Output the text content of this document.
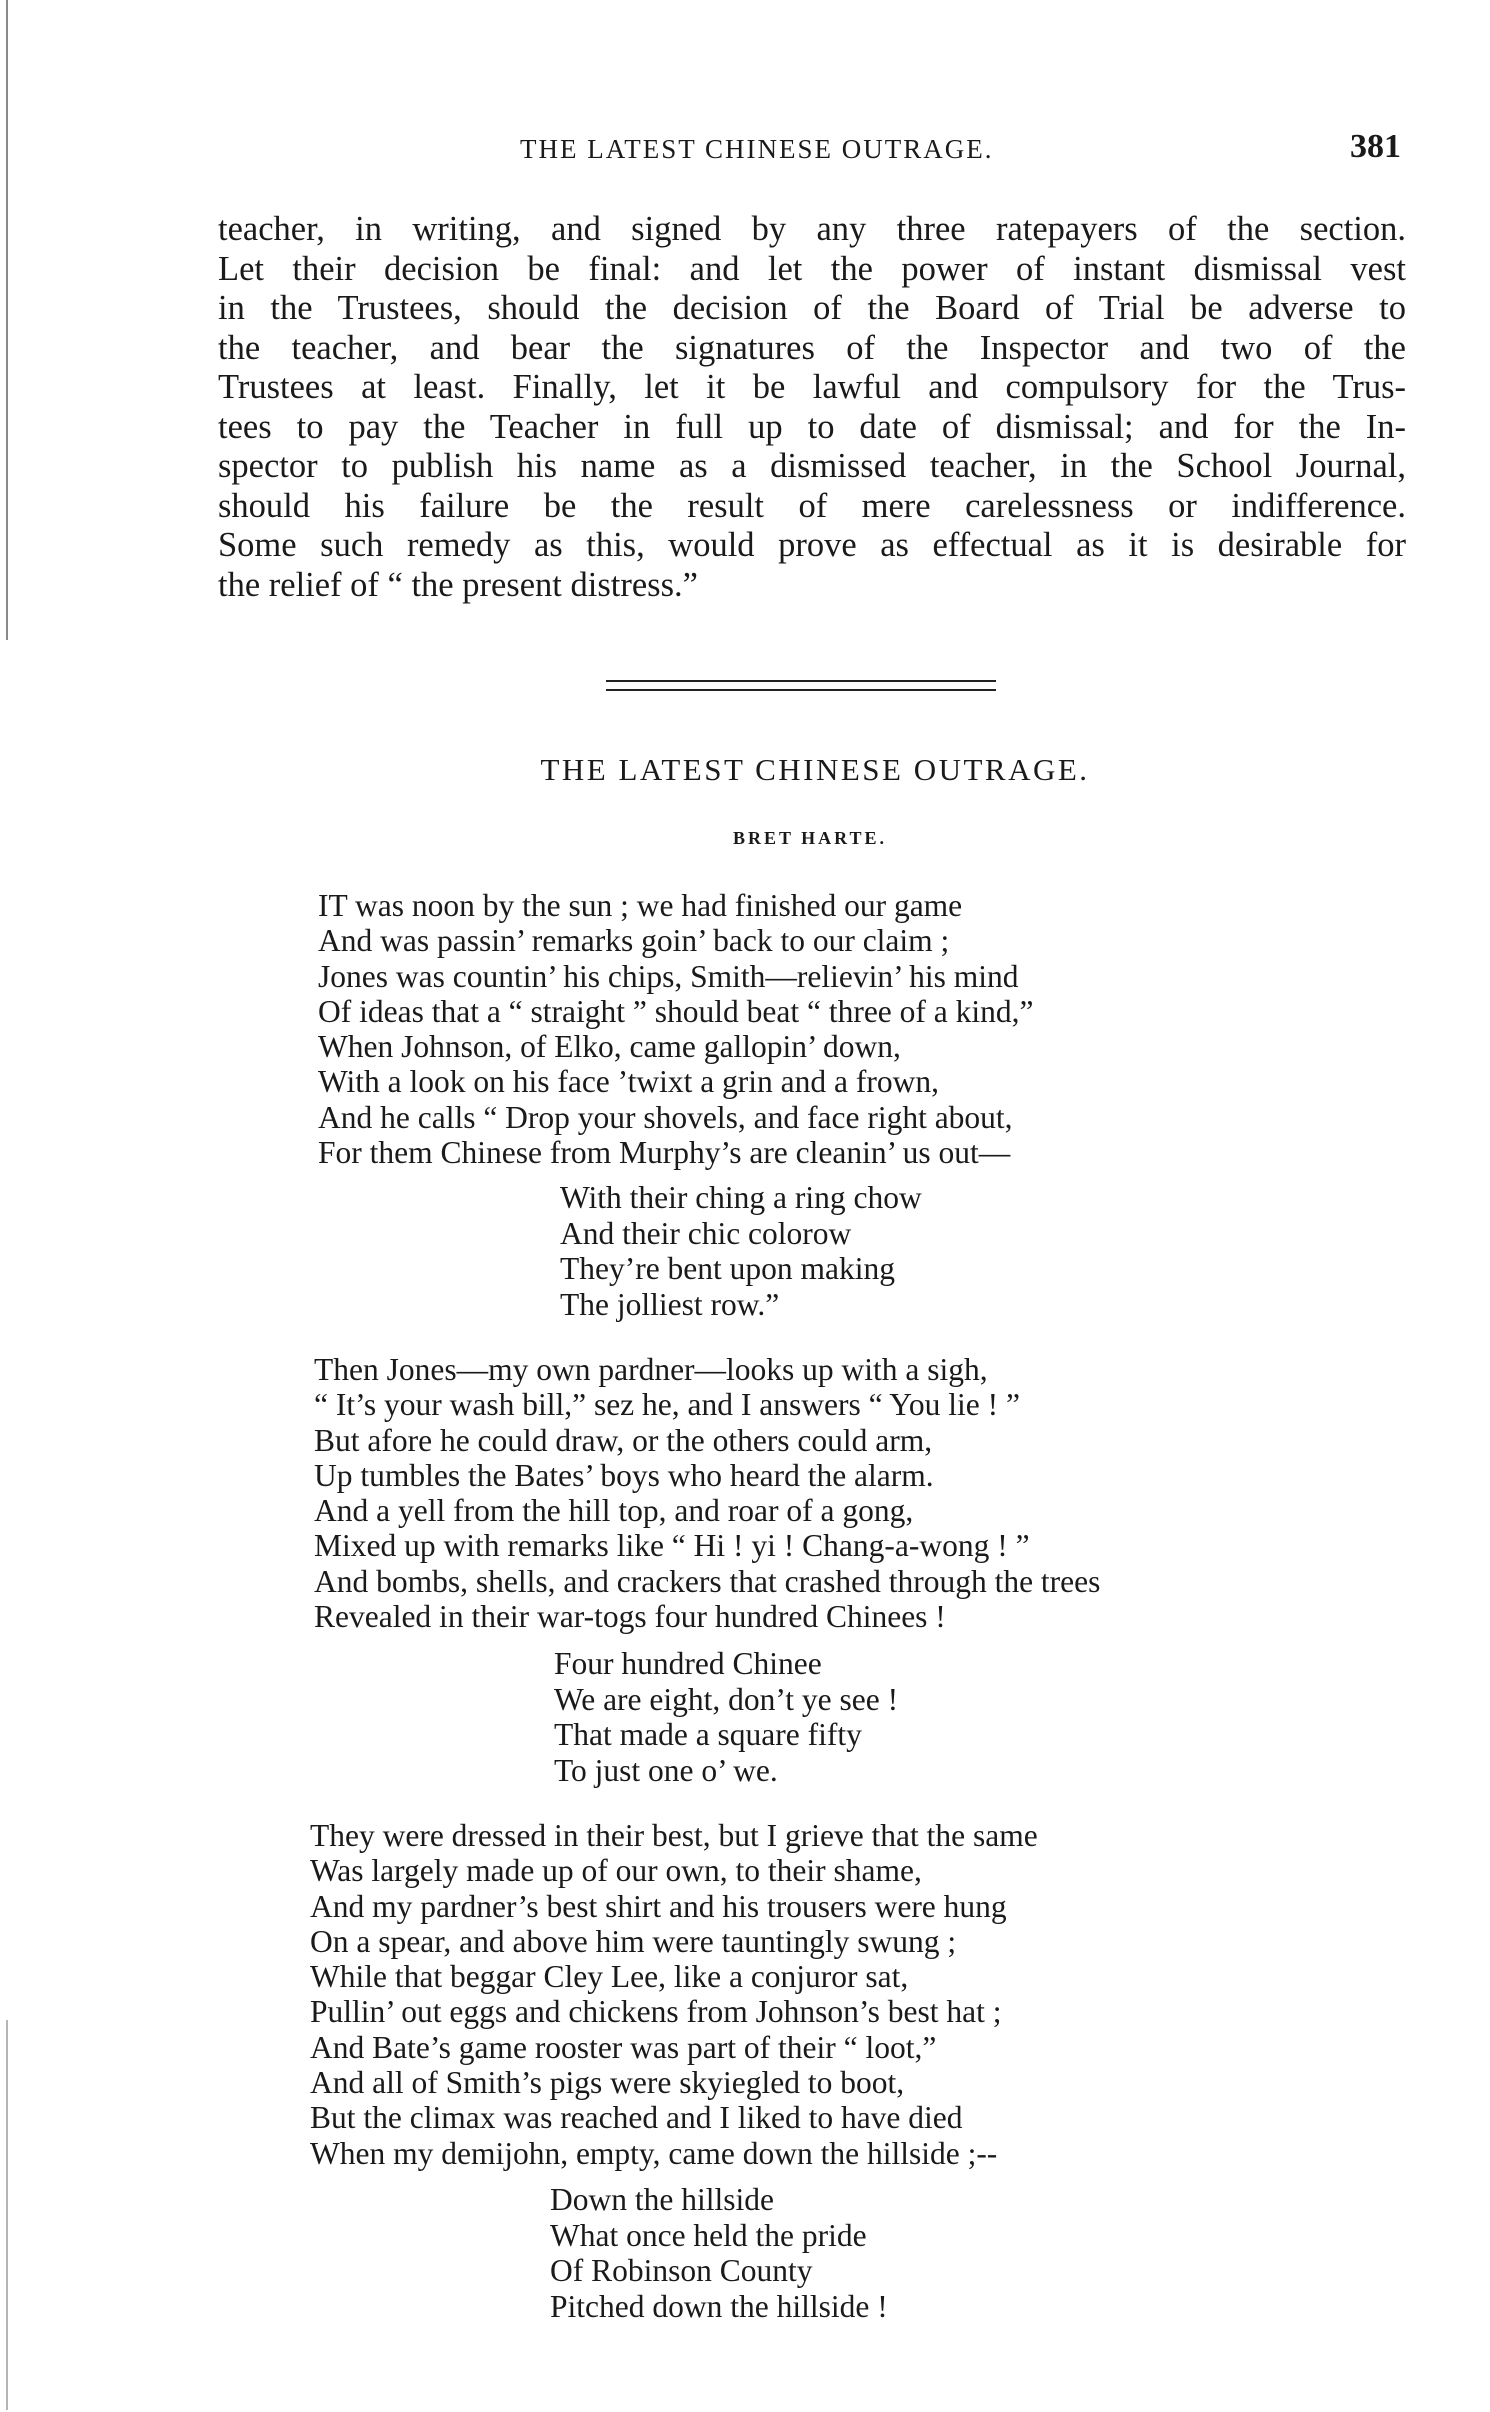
THE LATEST CHINESE OUTRAGE.	381

teacher, in writing, and signed by any three ratepayers of the section.
Let their decision be final: and let the power of instant dismissal vest
in the Trustees, should the decision of the Board of Trial be adverse to
the teacher, and bear the signatures of the Inspector and two of the
Trustees at least. Finally, let it be lawful and compulsory for the Trus-
tees to pay the Teacher in full up to date of dismissal; and for the In-
spector to publish his name as a dismissed teacher, in the School Journal,
should his failure be the result of mere carelessness or indifference.
Some such remedy as this, would prove as effectual as it is desirable for
the relief of “ the present distress.”

THE LATEST CHINESE OUTRAGE.
BRET HARTE.
IT was noon by the sun ; we had finished our game
And was passin’ remarks goin’ back to our claim ;
Jones was countin’ his chips, Smith—relievin’ his mind
Of ideas that a “ straight ” should beat “ three of a kind,”
When Johnson, of Elko, came gallopin’ down,
With a look on his face ’twixt a grin and a frown,
And he calls “ Drop your shovels, and face right about,
For them Chinese from Murphy’s are cleanin’ us out—
With their ching a ring chow
And their chic colorow
They’re bent upon making
The jolliest row.”
Then Jones—my own pardner—looks up with a sigh,
“ It’s your wash bill,” sez he, and I answers “ You lie ! ”
But afore he could draw, or the others could arm,
Up tumbles the Bates’ boys who heard the alarm.
And a yell from the hill top, and roar of a gong,
Mixed up with remarks like “ Hi ! yi ! Chang-a-wong ! ”
And bombs, shells, and crackers that crashed through the trees
Revealed in their war-togs four hundred Chinees !
Four hundred Chinee
We are eight, don’t ye see !
That made a square fifty
To just one o’ we.
They were dressed in their best, but I grieve that the same
Was largely made up of our own, to their shame,
And my pardner’s best shirt and his trousers were hung
On a spear, and above him were tauntingly swung ;
While that beggar Cley Lee, like a conjuror sat,
Pullin’ out eggs and chickens from Johnson’s best hat ;
And Bate’s game rooster was part of their “ loot,”
And all of Smith’s pigs were skyiegled to boot,
But the climax was reached and I liked to have died
When my demijohn, empty, came down the hillside ;--
Down the hillside
What once held the pride
Of Robinson County
Pitched down the hillside !
